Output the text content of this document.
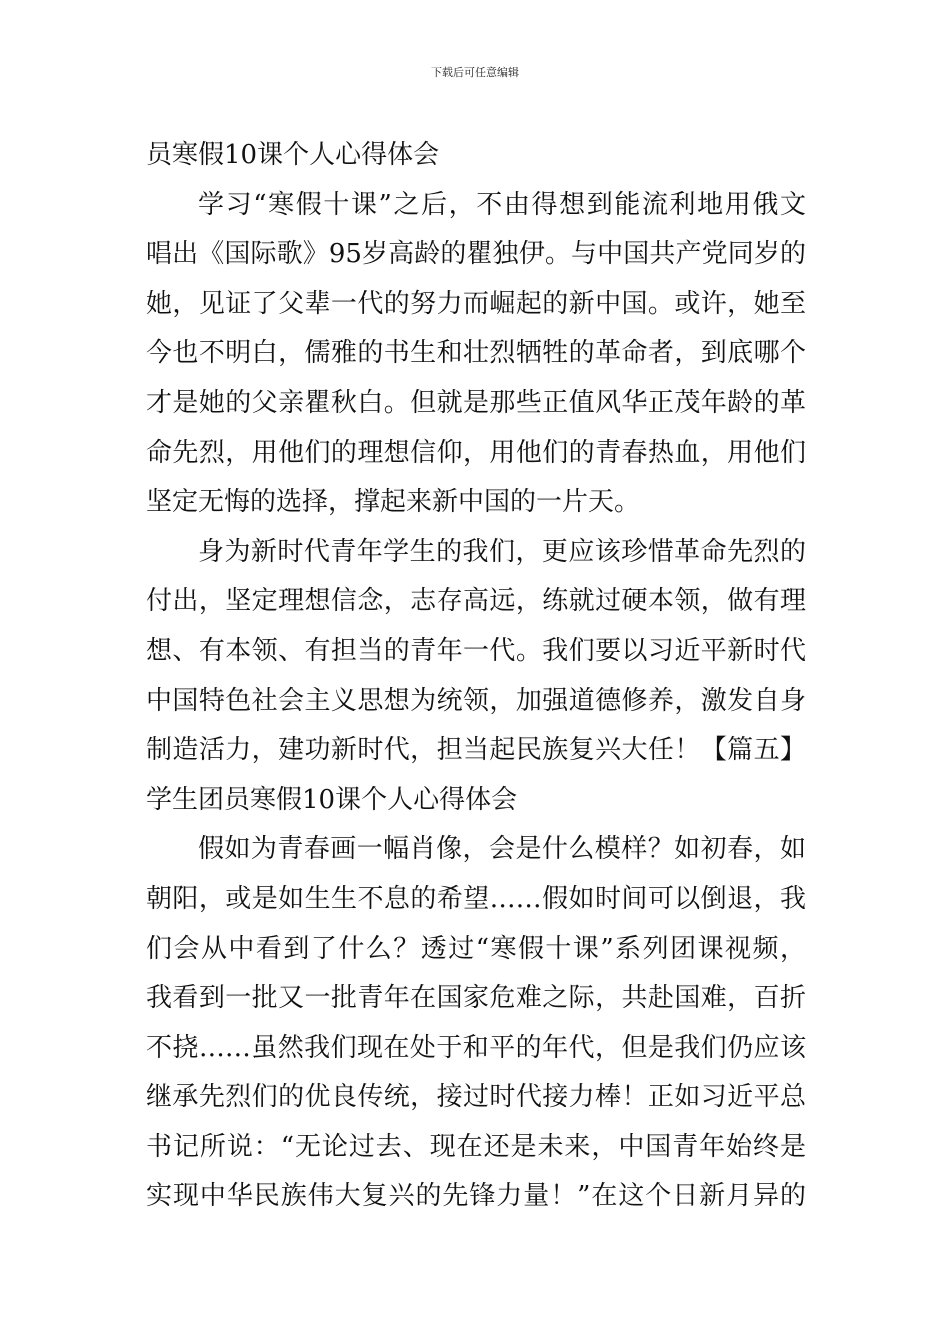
下载后可任意编辑
员寒假10课个人心得体会
学习“寒假十课”之后，不由得想到能流利地用俄文
唱出《国际歌》95岁高龄的瞿独伊。与中国共产党同岁的
她，见证了父辈一代的努力而崛起的新中国。或许，她至
今也不明白，儒雅的书生和壮烈牺牲的革命者，到底哪个
才是她的父亲瞿秋白。但就是那些正值风华正茂年龄的革
命先烈，用他们的理想信仰，用他们的青春热血，用他们
坚定无悔的选择，撑起来新中国的一片天。
身为新时代青年学生的我们，更应该珍惜革命先烈的
付出，坚定理想信念，志存高远，练就过硬本领，做有理
想、有本领、有担当的青年一代。我们要以习近平新时代
中国特色社会主义思想为统领，加强道德修养，激发自身
制造活力，建功新时代，担当起民族复兴大任！【篇五】
学生团员寒假10课个人心得体会
假如为青春画一幅肖像，会是什么模样？如初春，如
朝阳，或是如生生不息的希望……假如时间可以倒退，我
们会从中看到了什么？透过“寒假十课”系列团课视频，
我看到一批又一批青年在国家危难之际，共赴国难，百折
不挠……虽然我们现在处于和平的年代，但是我们仍应该
继承先烈们的优良传统，接过时代接力棒！正如习近平总
书记所说：“无论过去、现在还是未来，中国青年始终是
实现中华民族伟大复兴的先锋力量！”在这个日新月异的
